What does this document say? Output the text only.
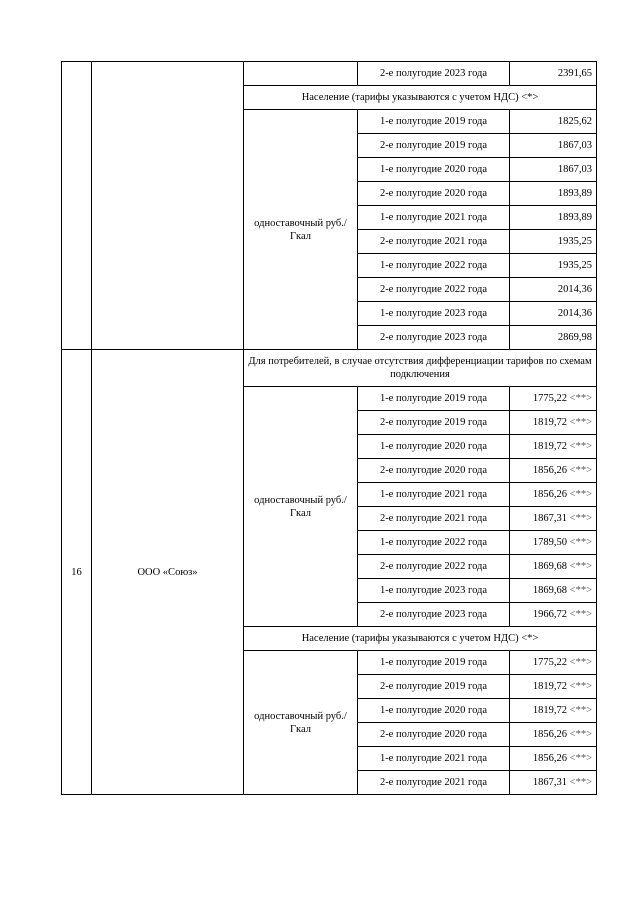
			2-е полугодие 2023 года	2391,65
		Население (тарифы указываются с учетом НДС) <*>		
		одноставочный руб./Гкал	1-е полугодие 2019 года	1825,62
			2-е полугодие 2019 года	1867,03
			1-е полугодие 2020 года	1867,03
			2-е полугодие 2020 года	1893,89
			1-е полугодие 2021 года	1893,89
			2-е полугодие 2021 года	1935,25
			1-е полугодие 2022 года	1935,25
			2-е полугодие 2022 года	2014,36
			1-е полугодие 2023 года	2014,36
			2-е полугодие 2023 года	2869,98
16	ООО «Союз»	Для потребителей, в случае отсутствия дифференциации тарифов по схемам подключения		
		одноставочный руб./Гкал	1-е полугодие 2019 года	1775,22 <**>
			2-е полугодие 2019 года	1819,72 <**>
			1-е полугодие 2020 года	1819,72 <**>
			2-е полугодие 2020 года	1856,26 <**>
			1-е полугодие 2021 года	1856,26 <**>
			2-е полугодие 2021 года	1867,31 <**>
			1-е полугодие 2022 года	1789,50 <**>
			2-е полугодие 2022 года	1869,68 <**>
			1-е полугодие 2023 года	1869,68 <**>
			2-е полугодие 2023 года	1966,72 <**>
		Население (тарифы указываются с учетом НДС) <*>		
		одноставочный руб./Гкал	1-е полугодие 2019 года	1775,22 <**>
			2-е полугодие 2019 года	1819,72 <**>
			1-е полугодие 2020 года	1819,72 <**>
			2-е полугодие 2020 года	1856,26 <**>
			1-е полугодие 2021 года	1856,26 <**>
			2-е полугодие 2021 года	1867,31 <**>
